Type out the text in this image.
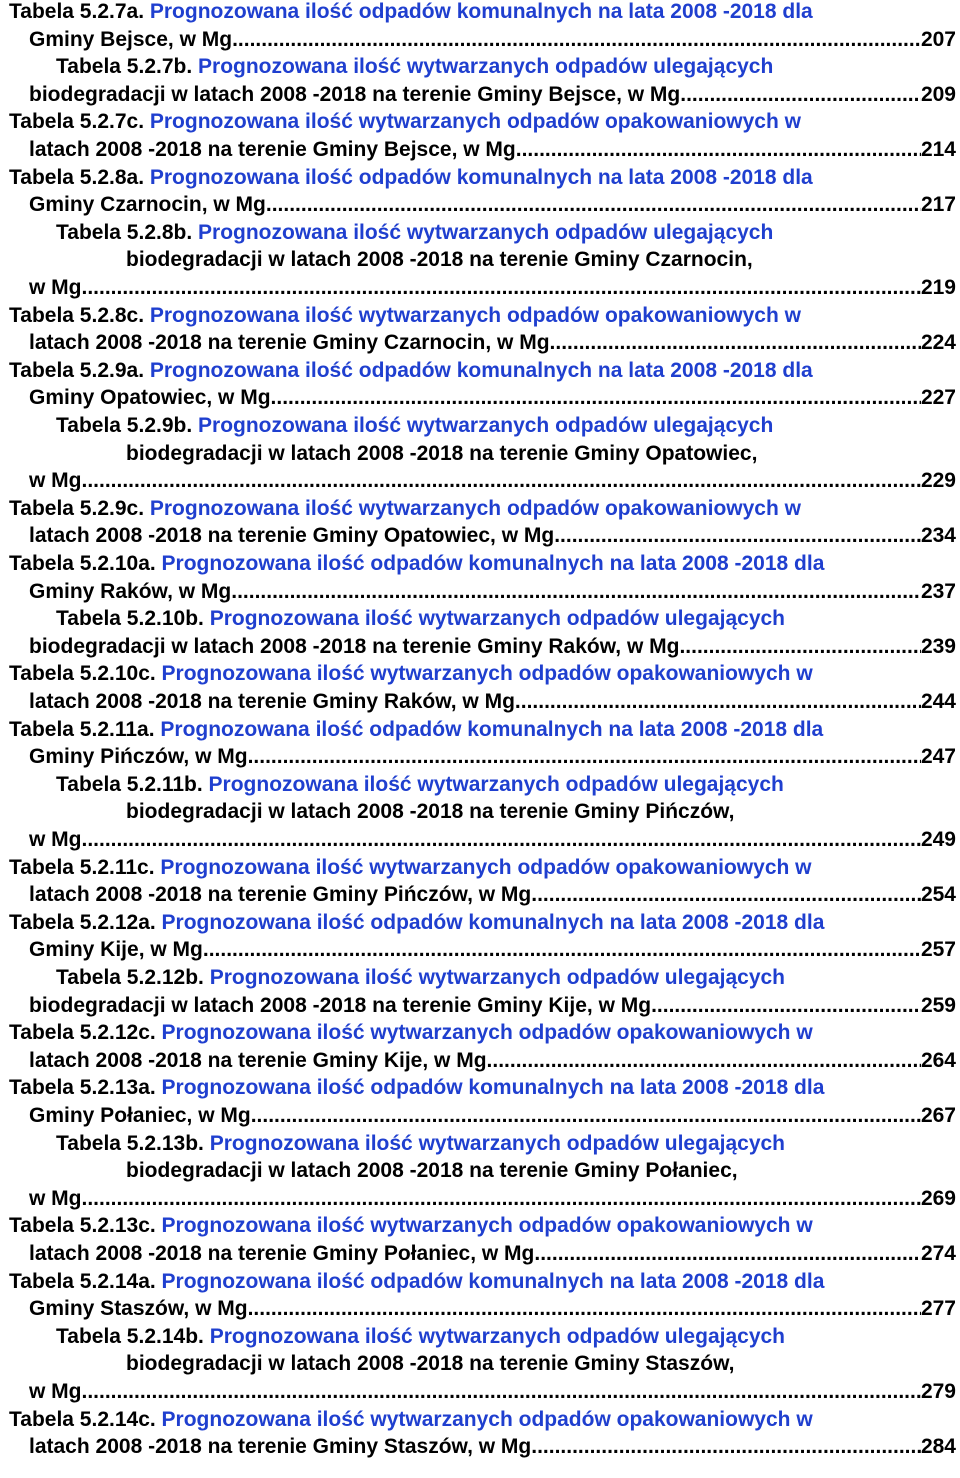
Tabela 5.2.7a. Prognozowana ilość odpadów komunalnych na lata 2008 -2018 dla
Gminy Bejsce, w Mg .....	207
Tabela 5.2.7b. Prognozowana ilość wytwarzanych odpadów ulegających
biodegradacji w latach 2008 -2018 na terenie Gminy Bejsce, w Mg .....	209
Tabela 5.2.7c. Prognozowana ilość wytwarzanych odpadów opakowaniowych w
latach 2008 -2018 na terenie Gminy Bejsce, w Mg .....	214
Tabela 5.2.8a. Prognozowana ilość odpadów komunalnych na lata 2008 -2018 dla
Gminy Czarnocin, w Mg .....	217
Tabela 5.2.8b. Prognozowana ilość wytwarzanych odpadów ulegających
biodegradacji w latach 2008 -2018 na terenie Gminy Czarnocin,
w Mg .....	219
Tabela 5.2.8c. Prognozowana ilość wytwarzanych odpadów opakowaniowych w
latach 2008 -2018 na terenie Gminy Czarnocin, w Mg .....	224
Tabela 5.2.9a. Prognozowana ilość odpadów komunalnych na lata 2008 -2018 dla
Gminy Opatowiec, w Mg .....	227
Tabela 5.2.9b. Prognozowana ilość wytwarzanych odpadów ulegających
biodegradacji w latach 2008 -2018 na terenie Gminy Opatowiec,
w Mg .....	229
Tabela 5.2.9c. Prognozowana ilość wytwarzanych odpadów opakowaniowych w
latach 2008 -2018 na terenie Gminy Opatowiec, w Mg .....	234
Tabela 5.2.10a. Prognozowana ilość odpadów komunalnych na lata 2008 -2018 dla
Gminy Raków, w Mg .....	237
Tabela 5.2.10b. Prognozowana ilość wytwarzanych odpadów ulegających
biodegradacji w latach 2008 -2018 na terenie Gminy Raków, w Mg .....	239
Tabela 5.2.10c. Prognozowana ilość wytwarzanych odpadów opakowaniowych w
latach 2008 -2018 na terenie Gminy Raków, w Mg .....	244
Tabela 5.2.11a. Prognozowana ilość odpadów komunalnych na lata 2008 -2018 dla
Gminy Pińczów, w Mg .....	247
Tabela 5.2.11b. Prognozowana ilość wytwarzanych odpadów ulegających
biodegradacji w latach 2008 -2018 na terenie Gminy Pińczów,
w Mg .....	249
Tabela 5.2.11c. Prognozowana ilość wytwarzanych odpadów opakowaniowych w
latach 2008 -2018 na terenie Gminy Pińczów, w Mg .....	254
Tabela 5.2.12a. Prognozowana ilość odpadów komunalnych na lata 2008 -2018 dla
Gminy Kije, w Mg .....	257
Tabela 5.2.12b. Prognozowana ilość wytwarzanych odpadów ulegających
biodegradacji w latach 2008 -2018 na terenie Gminy Kije, w Mg .....	259
Tabela 5.2.12c. Prognozowana ilość wytwarzanych odpadów opakowaniowych w
latach 2008 -2018 na terenie Gminy Kije, w Mg .....	264
Tabela 5.2.13a. Prognozowana ilość odpadów komunalnych na lata 2008 -2018 dla
Gminy Połaniec, w Mg .....	267
Tabela 5.2.13b. Prognozowana ilość wytwarzanych odpadów ulegających
biodegradacji w latach 2008 -2018 na terenie Gminy Połaniec,
w Mg .....	269
Tabela 5.2.13c. Prognozowana ilość wytwarzanych odpadów opakowaniowych w
latach 2008 -2018 na terenie Gminy Połaniec, w Mg .....	274
Tabela 5.2.14a. Prognozowana ilość odpadów komunalnych na lata 2008 -2018 dla
Gminy Staszów, w Mg .....	277
Tabela 5.2.14b. Prognozowana ilość wytwarzanych odpadów ulegających
biodegradacji w latach 2008 -2018 na terenie Gminy Staszów,
w Mg .....	279
Tabela 5.2.14c. Prognozowana ilość wytwarzanych odpadów opakowaniowych w
latach 2008 -2018 na terenie Gminy Staszów, w Mg .....	284
